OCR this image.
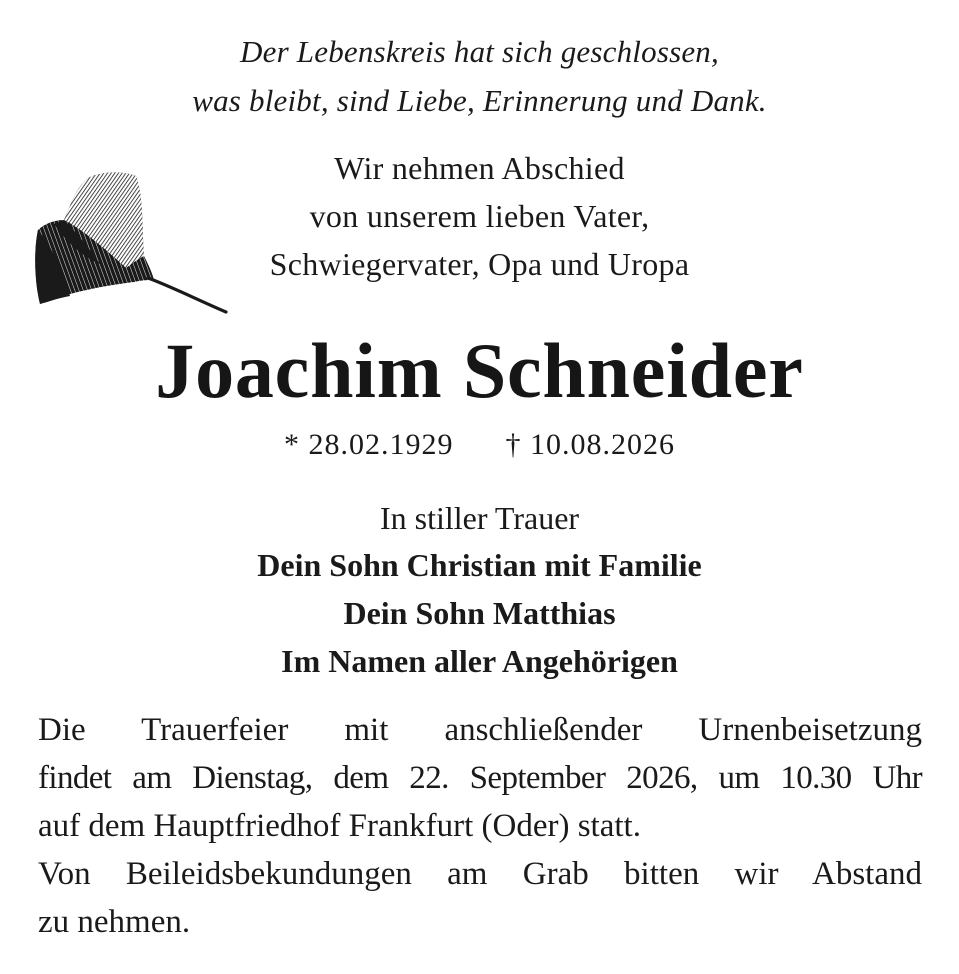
Der Lebenskreis hat sich geschlossen,
was bleibt, sind Liebe, Erinnerung und Dank.
Wir nehmen Abschied
von unserem lieben Vater,
Schwiegervater, Opa und Uropa
Joachim Schneider
* 28.02.1929 † 10.08.2026
In stiller Trauer
Dein Sohn Christian mit Familie
Dein Sohn Matthias
Im Namen aller Angehörigen
Die Trauerfeier mit anschließender Urnenbeisetzung
findet am Dienstag, dem 22. September 2026, um 10.30 Uhr
auf dem Hauptfriedhof Frankfurt (Oder) statt.
Von Beileidsbekundungen am Grab bitten wir Abstand
zu nehmen.
